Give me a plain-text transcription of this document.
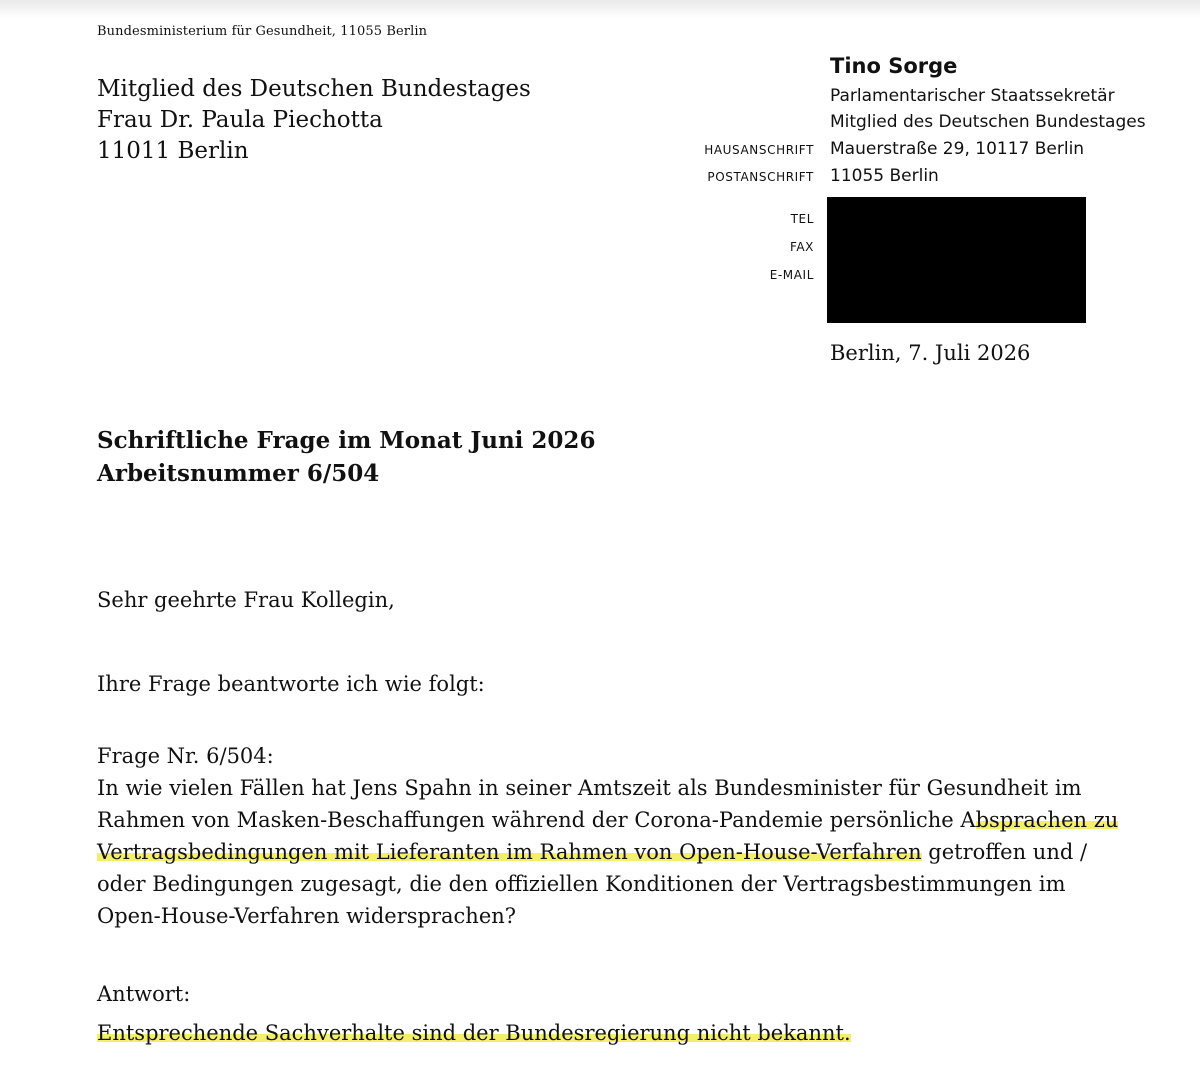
Bundesministerium für Gesundheit, 11055 Berlin
Mitglied des Deutschen Bundestages
Frau Dr. Paula Piechotta
11011 Berlin
Tino Sorge
Parlamentarischer Staatssekretär
Mitglied des Deutschen Bundestages
HAUSANSCHRIFT Mauerstraße 29, 10117 Berlin
POSTANSCHRIFT 11055 Berlin
TEL
FAX
E-MAIL
Berlin, 7. Juli 2026
Schriftliche Frage im Monat Juni 2026
Arbeitsnummer 6/504
Sehr geehrte Frau Kollegin,
Ihre Frage beantworte ich wie folgt:
Frage Nr. 6/504:
In wie vielen Fällen hat Jens Spahn in seiner Amtszeit als Bundesminister für Gesundheit im
Rahmen von Masken-Beschaffungen während der Corona-Pandemie persönliche Absprachen zu
Vertragsbedingungen mit Lieferanten im Rahmen von Open-House-Verfahren getroffen und /
oder Bedingungen zugesagt, die den offiziellen Konditionen der Vertragsbestimmungen im
Open-House-Verfahren widersprachen?
Antwort:
Entsprechende Sachverhalte sind der Bundesregierung nicht bekannt.
